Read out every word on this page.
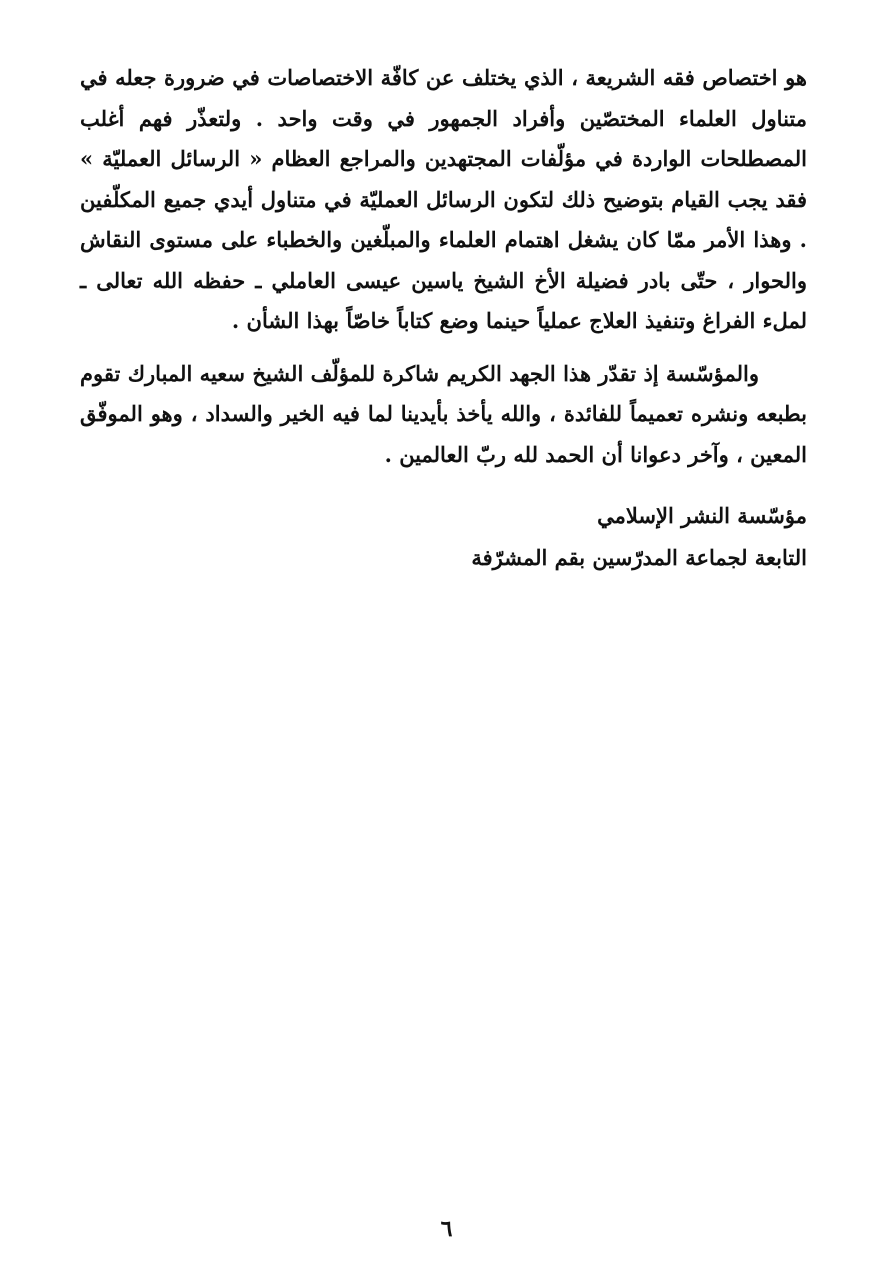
هو اختصاص فقه الشريعة ، الذي يختلف عن كافّة الاختصاصات في ضرورة جعله في متناول العلماء المختصّين وأفراد الجمهور في وقت واحد . ولتعذّر فهم أغلب المصطلحات الواردة في مؤلّفات المجتهدين والمراجع العظام « الرسائل العمليّة » فقد يجب القيام بتوضيح ذلك لتكون الرسائل العمليّة في متناول أيدي جميع المكلّفين . وهذا الأمر ممّا كان يشغل اهتمام العلماء والمبلّغين والخطباء على مستوى النقاش والحوار ، حتّى بادر فضيلة الأخ الشيخ ياسين عيسى العاملي ـ حفظه الله تعالى ـ لملء الفراغ وتنفيذ العلاج عملياً حينما وضع كتاباً خاصّاً بهذا الشأن .

والمؤسّسة إذ تقدّر هذا الجهد الكريم شاكرة للمؤلّف الشيخ سعيه المبارك تقوم بطبعه ونشره تعميماً للفائدة ، والله يأخذ بأيدينا لما فيه الخير والسداد ، وهو الموفّق المعين ، وآخر دعوانا أن الحمد لله ربّ العالمين .

مؤسّسة النشر الإسلامي
التابعة لجماعة المدرّسين بقم المشرّفة
٦
